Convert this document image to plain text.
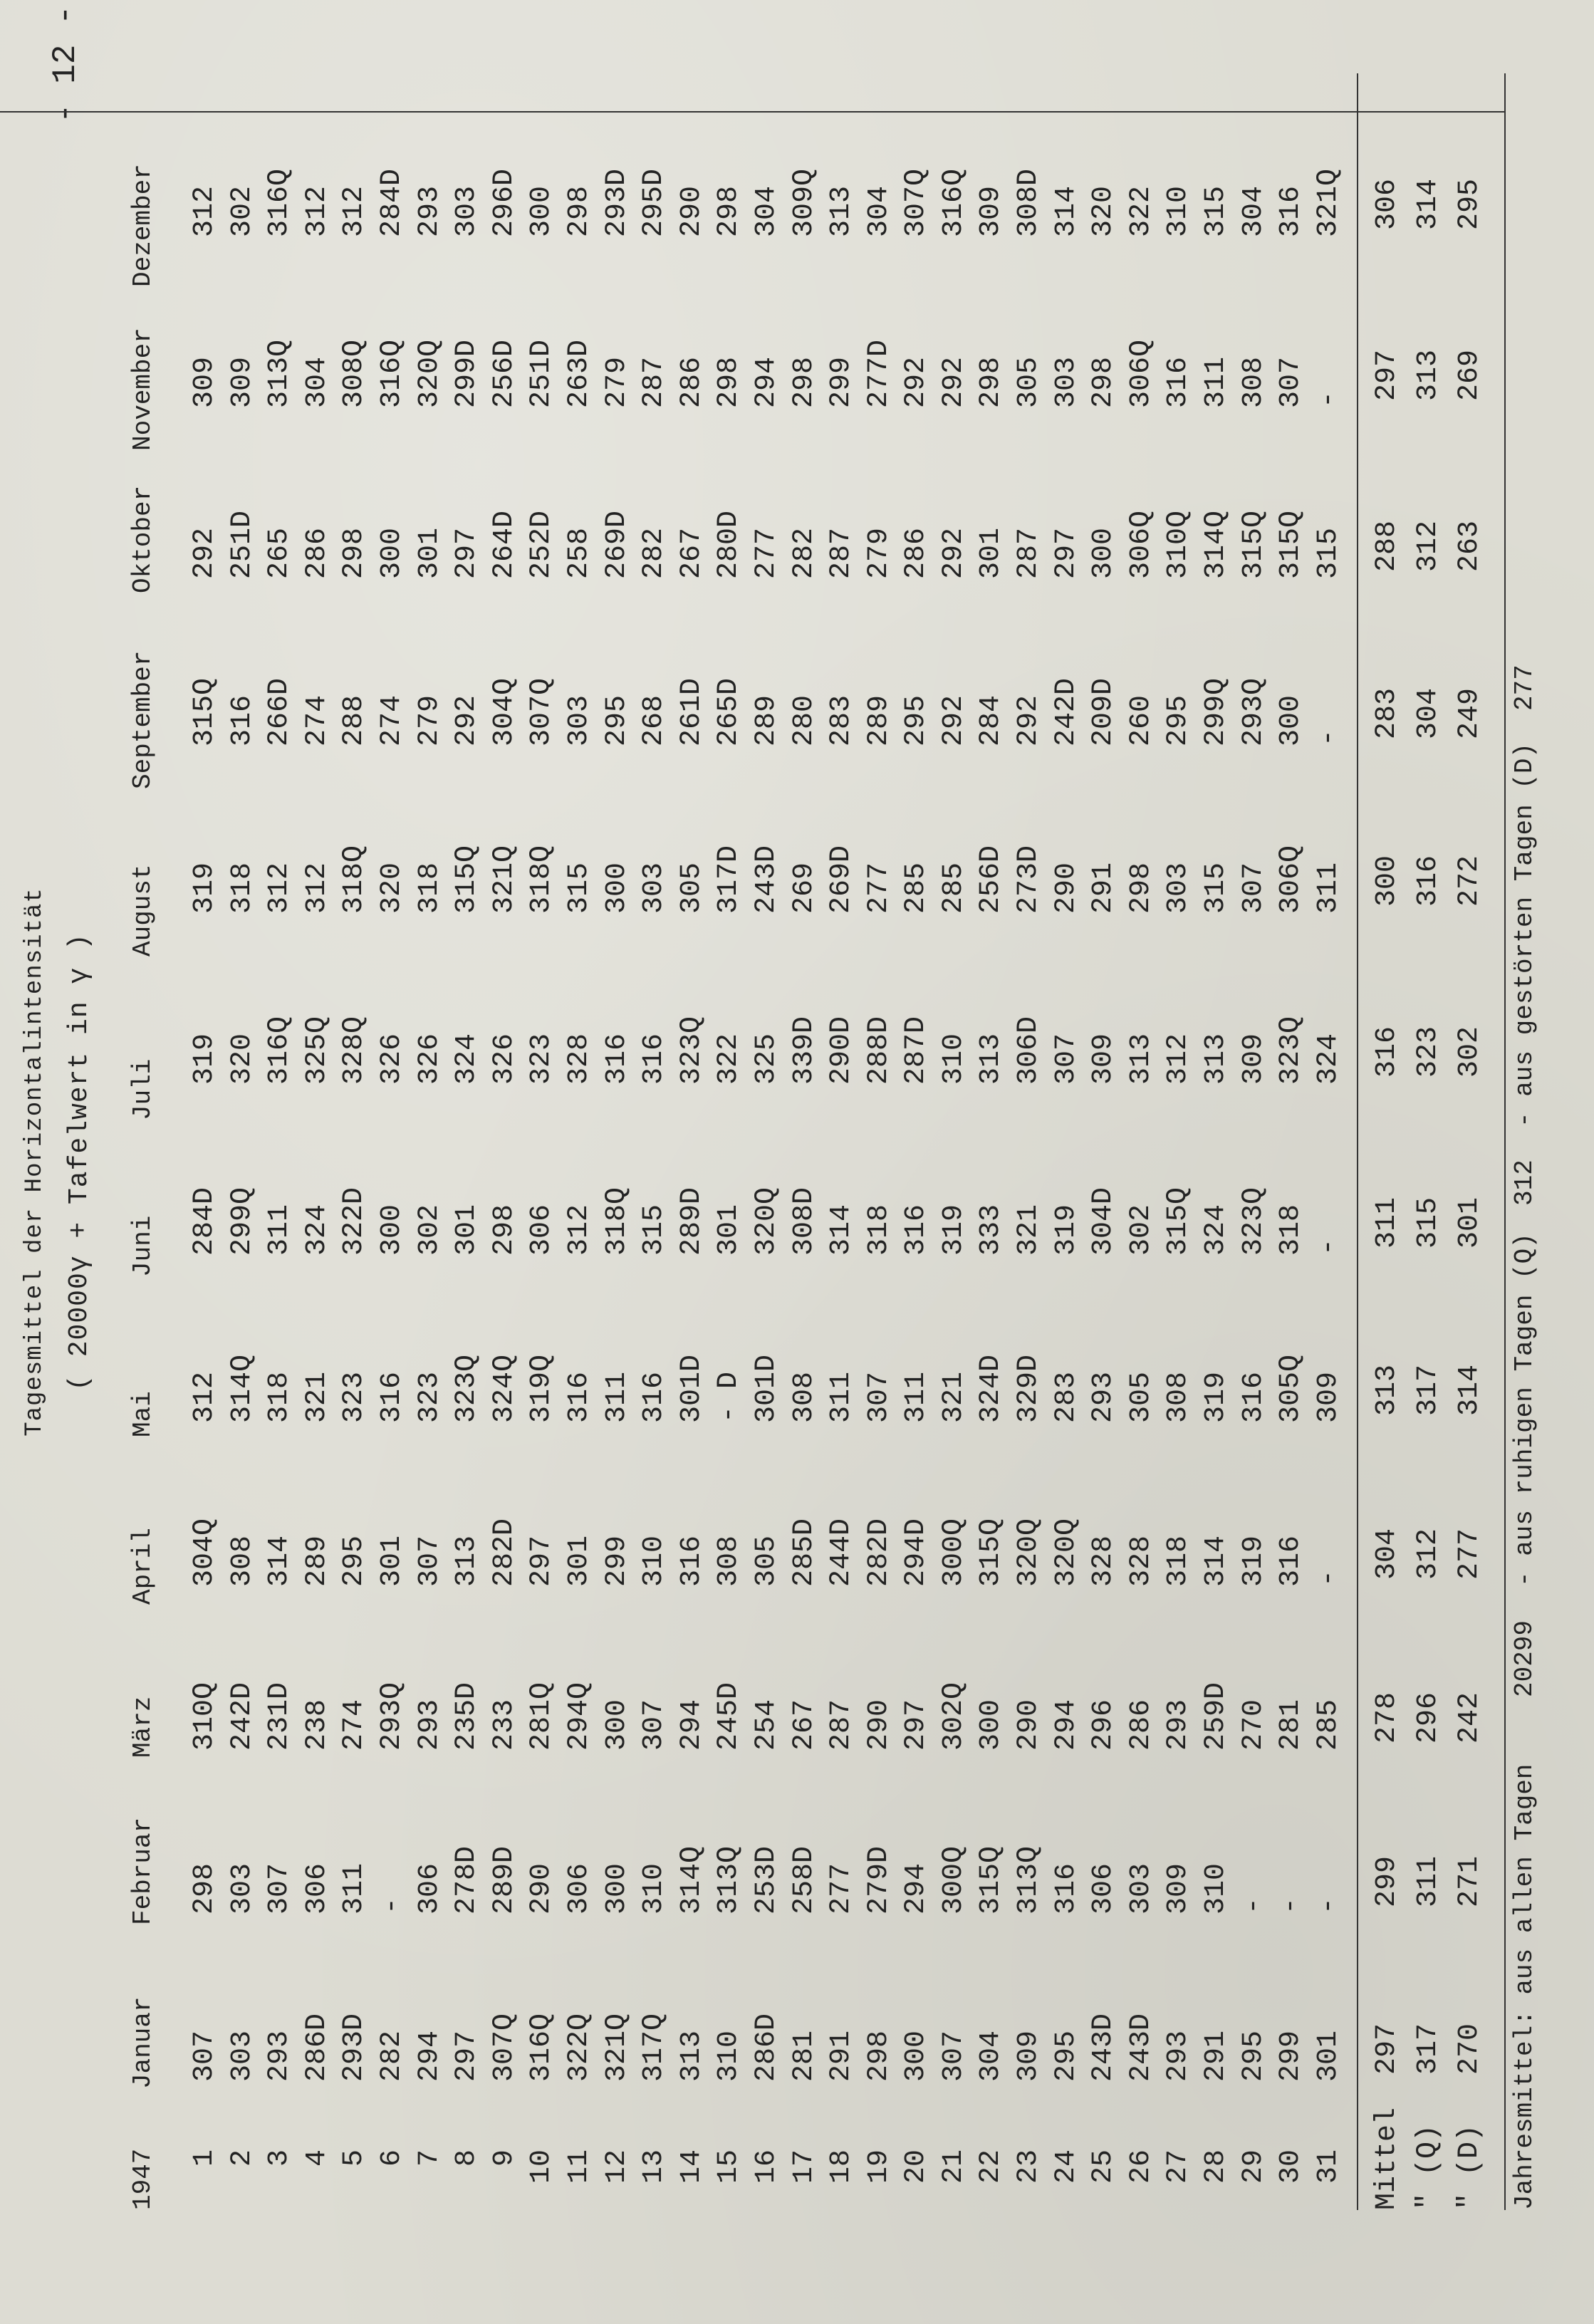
Tagesmittel der Horizontalintensität ( 20000γ + Tafelwert in γ )
- 12 -
1947
Januar
Februar
März
April
Mai
Juni
Juli
August
September
Oktober
November
Dezember
1 2 3 4 5 6 7 8 9 10 11 12 13 14 15 16 17 18 19 20 21 22 23 24 25 26 27 28 29 30 31
307 303 293 286D 293D 282 294 297 307Q 316Q 322Q 321Q 317Q 313 310 286D 281 291 298 300 307 304 309 295 243D 243D 293 291 295 299 301
298 303 307 306 311 - 306 278D 289D 290 306 300 310 314Q 313Q 253D 258D 277 279D 294 300Q 315Q 313Q 316 306 303 309 310 - - -
310Q 242D 231D 238 274 293Q 293 235D 233 281Q 294Q 300 307 294 245D 254 267 287 290 297 302Q 300 290 294 296 286 293 259D 270 281 285
304Q 308 314 289 295 301 307 313 282D 297 301 299 310 316 308 305 285D 244D 282D 294D 300Q 315Q 320Q 320Q 328 328 318 314 319 316 -
312 314Q 318 321 323 316 323 323Q 324Q 319Q 316 311 316 301D - D 301D 308 311 307 311 321 324D 329D 283 293 305 308 319 316 305Q 309
284D 299Q 311 324 322D 300 302 301 298 306 312 318Q 315 289D 301 320Q 308D 314 318 316 319 333 321 319 304D 302 315Q 324 323Q 318 -
319 320 316Q 325Q 328Q 326 326 324 326 323 328 316 316 323Q 322 325 339D 290D 288D 287D 310 313 306D 307 309 313 312 313 309 323Q 324
319 318 312 312 318Q 320 318 315Q 321Q 318Q 315 300 303 305 317D 243D 269 269D 277 285 285 256D 273D 290 291 298 303 315 307 306Q 311
315Q 316 266D 274 288 274 279 292 304Q 307Q 303 295 268 261D 265D 289 280 283 289 295 292 284 292 242D 209D 260 295 299Q 293Q 300 -
292 251D 265 286 298 300 301 297 264D 252D 258 269D 282 267 280D 277 282 287 279 286 292 301 287 297 300 306Q 310Q 314Q 315Q 315Q 315
309 309 313Q 304 308Q 316Q 320Q 299D 256D 251D 263D 279 287 286 298 294 298 299 277D 292 292 298 305 303 298 306Q 316 311 308 307 -
312 302 316Q 312 312 284D 293 303 296D 300 298 293D 295D 290 298 304 309Q 313 304 307Q 316Q 309 308D 314 320 322 310 315 304 316 321Q
297 317 270
299 311 271
278 296 242
304 312 277
313 317 314
311 315 301
316 323 302
300 316 272
283 304 249
288 312 263
297 313 269
306 314 295
Mittel " (Q) " (D) Jahresmittel: aus allen Tagen
20299
- aus ruhigen Tagen (Q)
312
- aus gestörten Tagen (D)
277
